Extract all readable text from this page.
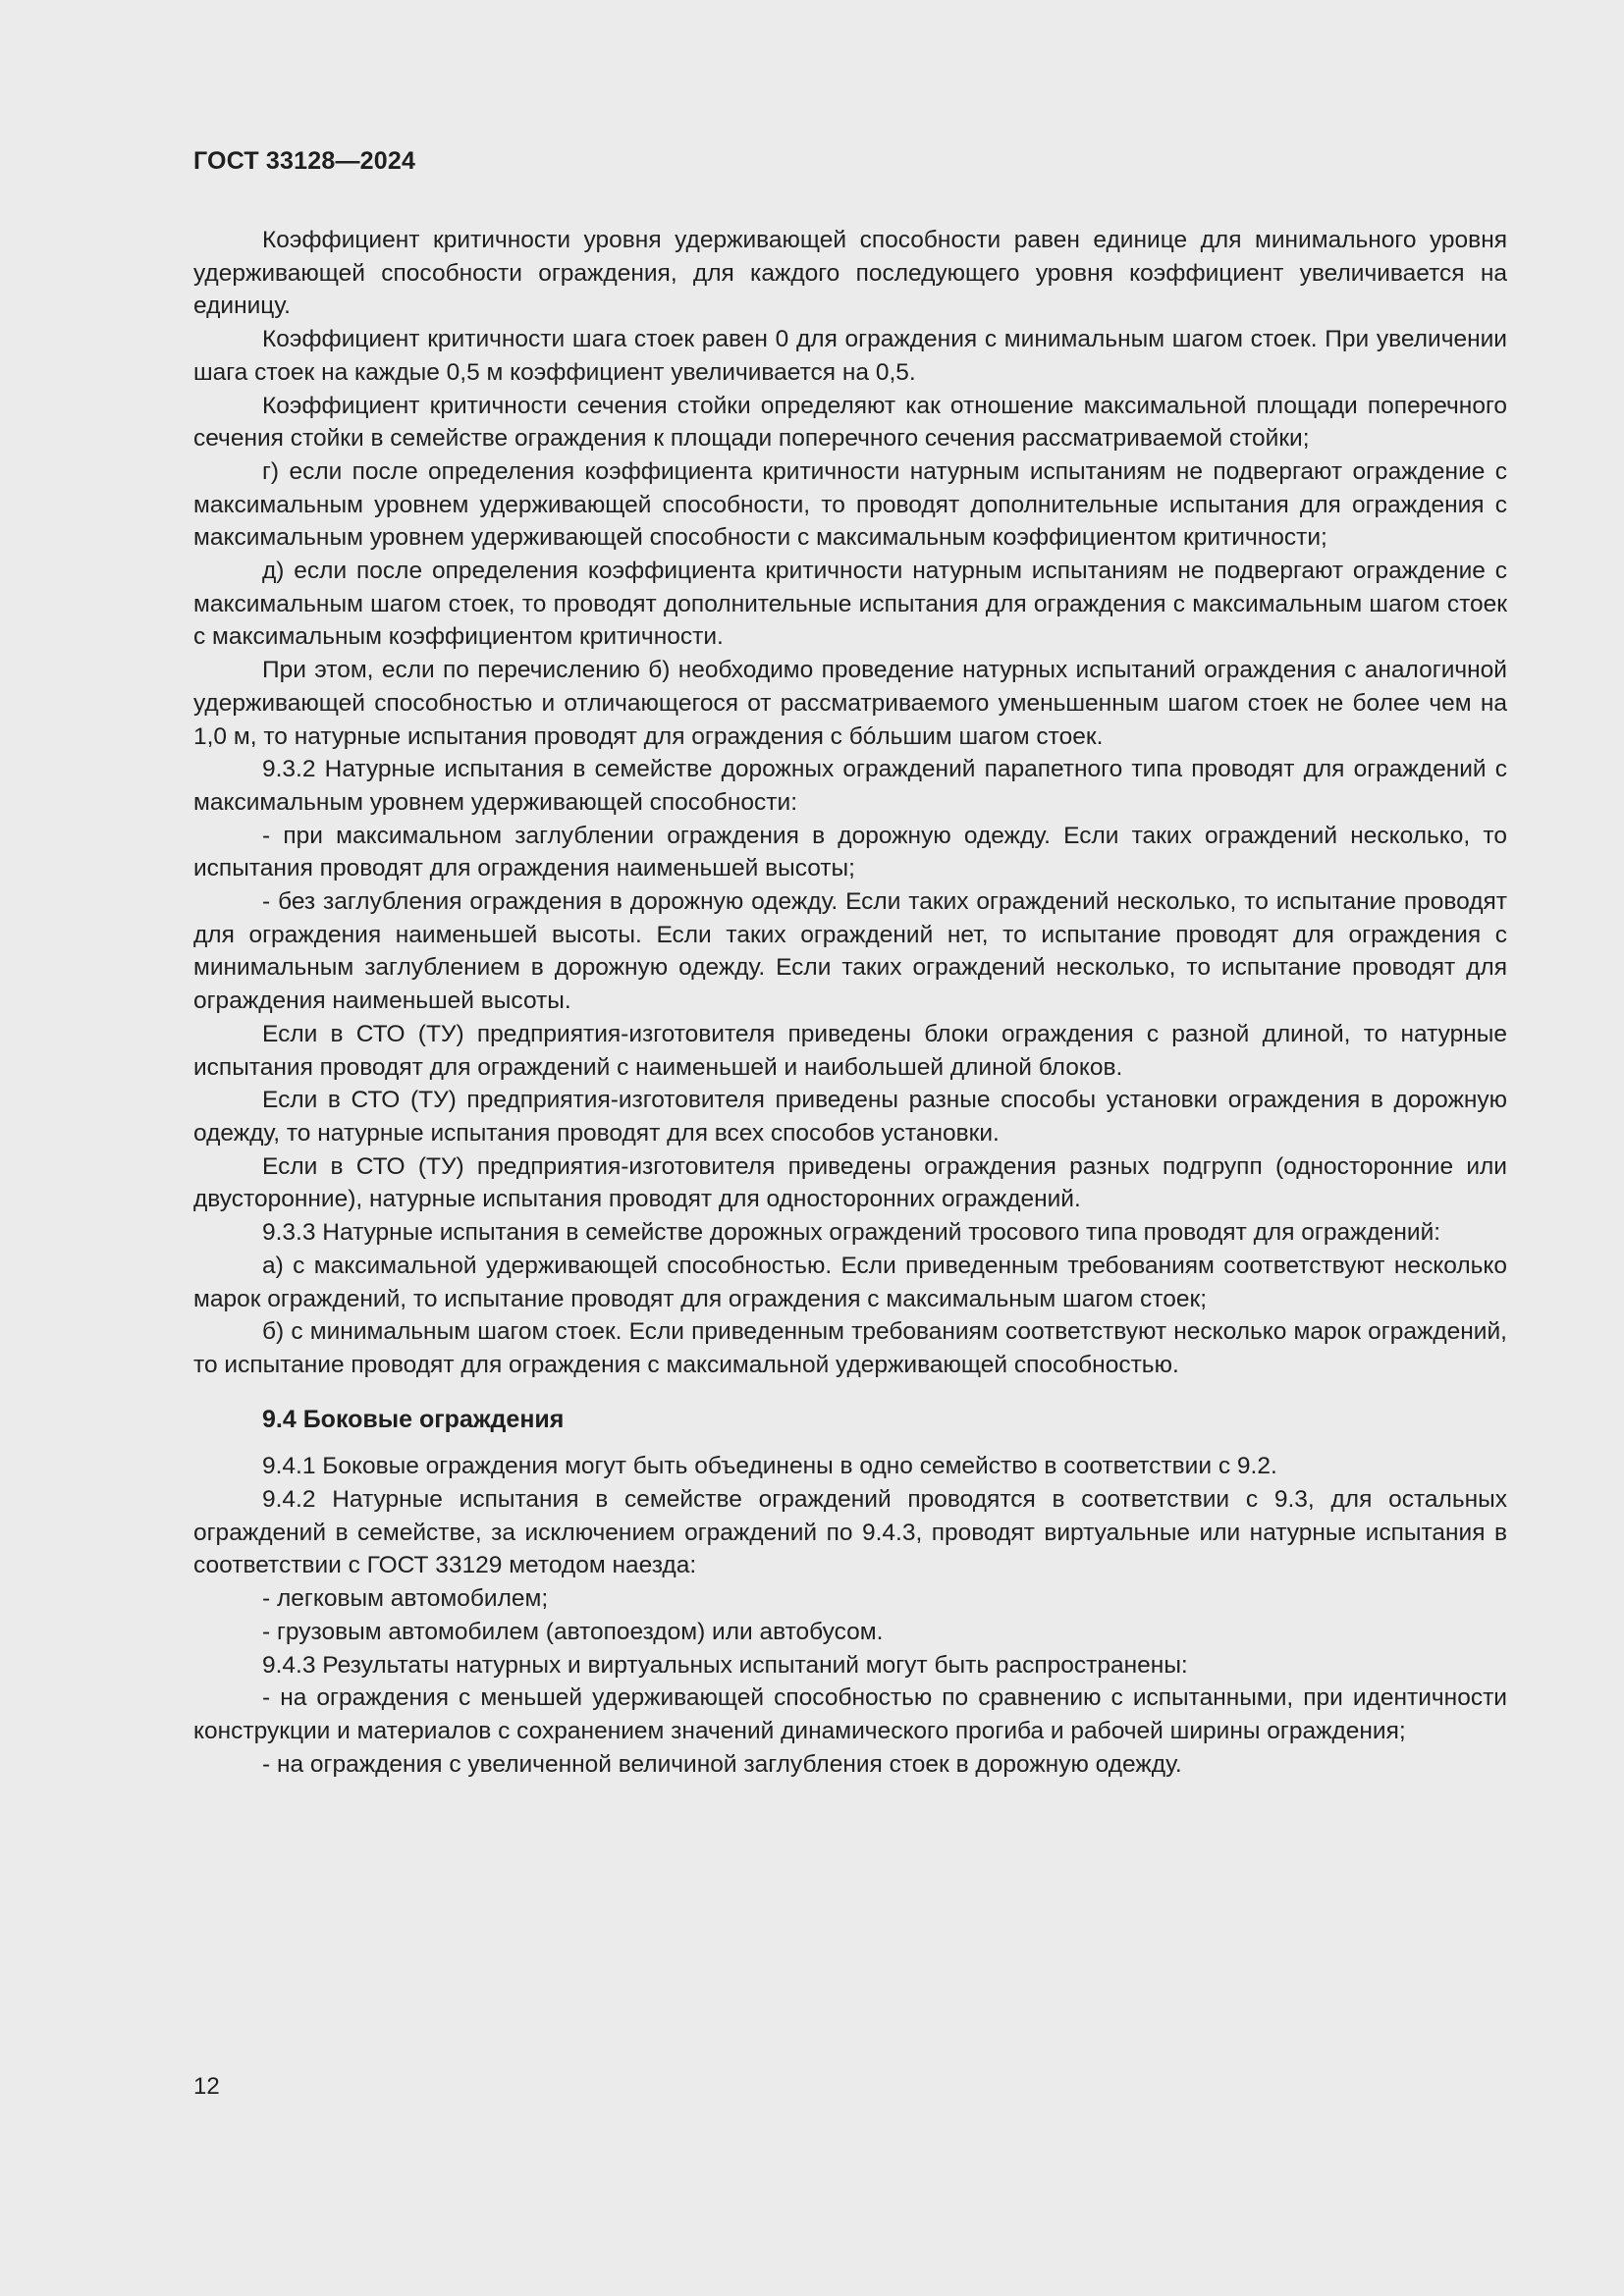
ГОСТ 33128—2024

Коэффициент критичности уровня удерживающей способности равен единице для минимального уровня удерживающей способности ограждения, для каждого последующего уровня коэффициент увеличивается на единицу.

Коэффициент критичности шага стоек равен 0 для ограждения с минимальным шагом стоек. При увеличении шага стоек на каждые 0,5 м коэффициент увеличивается на 0,5.

Коэффициент критичности сечения стойки определяют как отношение максимальной площади поперечного сечения стойки в семействе ограждения к площади поперечного сечения рассматриваемой стойки;

г) если после определения коэффициента критичности натурным испытаниям не подвергают ограждение с максимальным уровнем удерживающей способности, то проводят дополнительные испытания для ограждения с максимальным уровнем удерживающей способности с максимальным коэффициентом критичности;

д) если после определения коэффициента критичности натурным испытаниям не подвергают ограждение с максимальным шагом стоек, то проводят дополнительные испытания для ограждения с максимальным шагом стоек с максимальным коэффициентом критичности.

При этом, если по перечислению б) необходимо проведение натурных испытаний ограждения с аналогичной удерживающей способностью и отличающегося от рассматриваемого уменьшенным шагом стоек не более чем на 1,0 м, то натурные испытания проводят для ограждения с бóльшим шагом стоек.

9.3.2 Натурные испытания в семействе дорожных ограждений парапетного типа проводят для ограждений с максимальным уровнем удерживающей способности:

- при максимальном заглублении ограждения в дорожную одежду. Если таких ограждений несколько, то испытания проводят для ограждения наименьшей высоты;

- без заглубления ограждения в дорожную одежду. Если таких ограждений несколько, то испытание проводят для ограждения наименьшей высоты. Если таких ограждений нет, то испытание проводят для ограждения с минимальным заглублением в дорожную одежду. Если таких ограждений несколько, то испытание проводят для ограждения наименьшей высоты.

Если в СТО (ТУ) предприятия-изготовителя приведены блоки ограждения с разной длиной, то натурные испытания проводят для ограждений с наименьшей и наибольшей длиной блоков.

Если в СТО (ТУ) предприятия-изготовителя приведены разные способы установки ограждения в дорожную одежду, то натурные испытания проводят для всех способов установки.

Если в СТО (ТУ) предприятия-изготовителя приведены ограждения разных подгрупп (односторонние или двусторонние), натурные испытания проводят для односторонних ограждений.

9.3.3 Натурные испытания в семействе дорожных ограждений тросового типа проводят для ограждений:

а) с максимальной удерживающей способностью. Если приведенным требованиям соответствуют несколько марок ограждений, то испытание проводят для ограждения с максимальным шагом стоек;

б) с минимальным шагом стоек. Если приведенным требованиям соответствуют несколько марок ограждений, то испытание проводят для ограждения с максимальной удерживающей способностью.

9.4 Боковые ограждения

9.4.1 Боковые ограждения могут быть объединены в одно семейство в соответствии с 9.2.

9.4.2 Натурные испытания в семействе ограждений проводятся в соответствии с 9.3, для остальных ограждений в семействе, за исключением ограждений по 9.4.3, проводят виртуальные или натурные испытания в соответствии с ГОСТ 33129 методом наезда:

- легковым автомобилем;

- грузовым автомобилем (автопоездом) или автобусом.

9.4.3 Результаты натурных и виртуальных испытаний могут быть распространены:

- на ограждения с меньшей удерживающей способностью по сравнению с испытанными, при идентичности конструкции и материалов с сохранением значений динамического прогиба и рабочей ширины ограждения;

- на ограждения с увеличенной величиной заглубления стоек в дорожную одежду.

12
